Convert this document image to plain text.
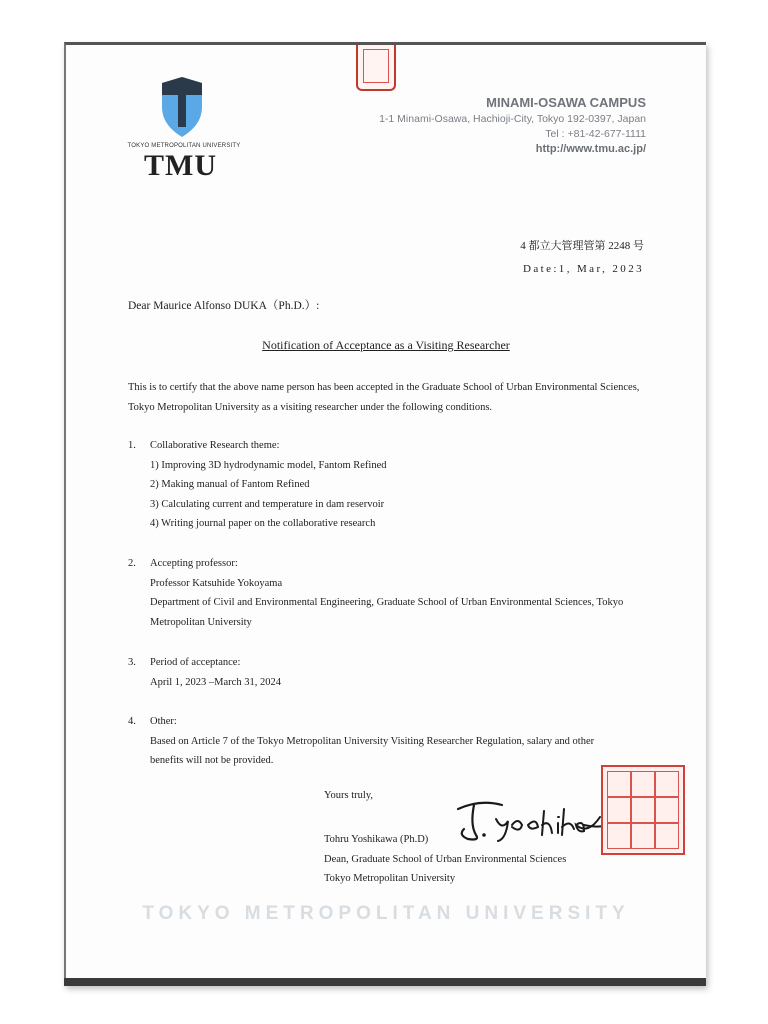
TOKYO METROPOLITAN UNIVERSITY
TMU
MINAMI-OSAWA CAMPUS
1-1 Minami-Osawa, Hachioji-City, Tokyo 192-0397, Japan
Tel : +81-42-677-1111
http://www.tmu.ac.jp/
4 都立大管理管第 2248 号
Date:1, Mar, 2023
Dear Maurice Alfonso DUKA（Ph.D.）:
Notification of Acceptance as a Visiting Researcher
This is to certify that the above name person has been accepted in the Graduate School of Urban Environmental Sciences, Tokyo Metropolitan University as a visiting researcher under the following conditions.
1. Collaborative Research theme:
1) Improving 3D hydrodynamic model, Fantom Refined
2) Making manual of Fantom Refined
3) Calculating current and temperature in dam reservoir
4) Writing journal paper on the collaborative research
2. Accepting professor:
Professor Katsuhide Yokoyama
Department of Civil and Environmental Engineering, Graduate School of Urban Environmental Sciences, Tokyo Metropolitan University
3. Period of acceptance:
April 1, 2023 –March 31, 2024
4. Other:
Based on Article 7 of the Tokyo Metropolitan University Visiting Researcher Regulation, salary and other benefits will not be provided.
Yours truly,
Tohru Yoshikawa (Ph.D)
Dean, Graduate School of Urban Environmental Sciences
Tokyo Metropolitan University
TOKYO METROPOLITAN UNIVERSITY
